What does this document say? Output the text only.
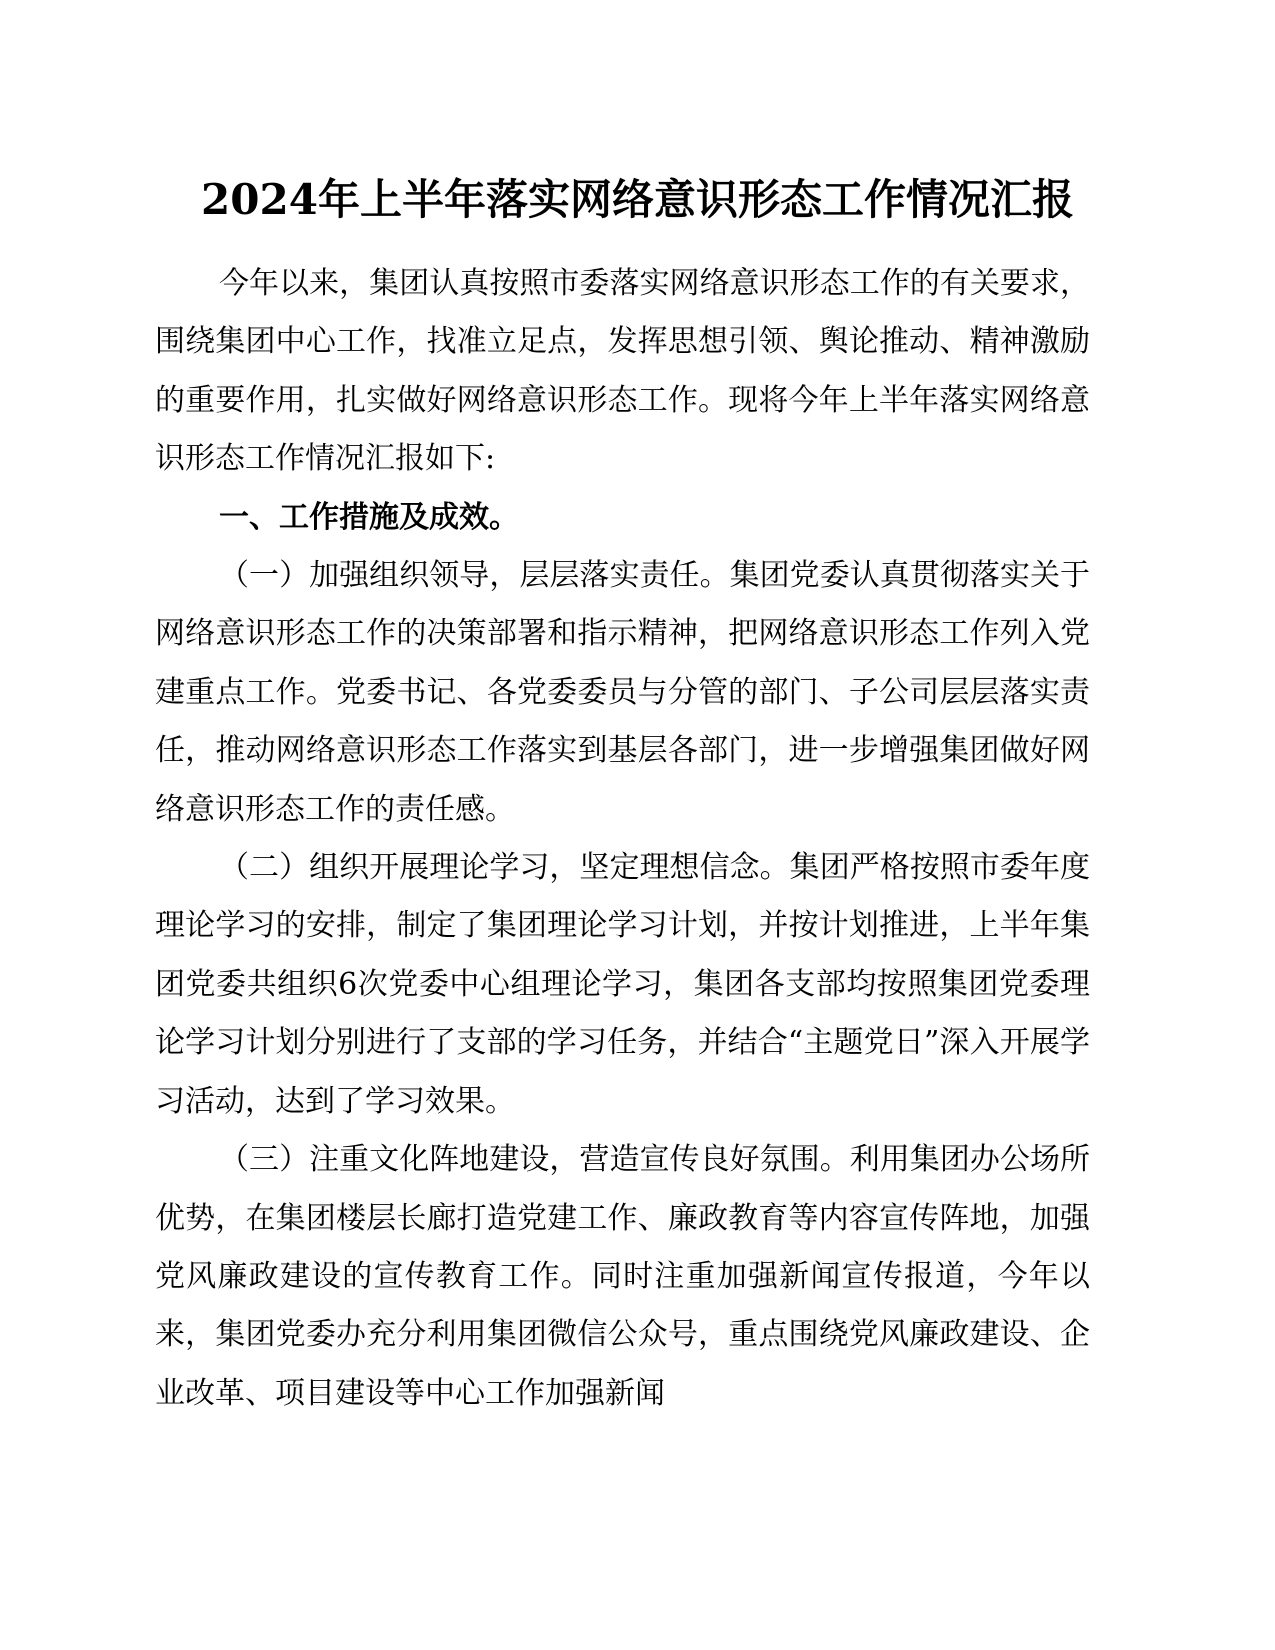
2024年上半年落实网络意识形态工作情况汇报

今年以来，集团认真按照市委落实网络意识形态工作的有关要求，围绕集团中心工作，找准立足点，发挥思想引领、舆论推动、精神激励的重要作用，扎实做好网络意识形态工作。现将今年上半年落实网络意识形态工作情况汇报如下:

一、工作措施及成效。

（一）加强组织领导，层层落实责任。集团党委认真贯彻落实关于网络意识形态工作的决策部署和指示精神，把网络意识形态工作列入党建重点工作。党委书记、各党委委员与分管的部门、子公司层层落实责任，推动网络意识形态工作落实到基层各部门，进一步增强集团做好网络意识形态工作的责任感。

（二）组织开展理论学习，坚定理想信念。集团严格按照市委年度理论学习的安排，制定了集团理论学习计划，并按计划推进，上半年集团党委共组织6次党委中心组理论学习，集团各支部均按照集团党委理论学习计划分别进行了支部的学习任务，并结合“主题党日”深入开展学习活动，达到了学习效果。

（三）注重文化阵地建设，营造宣传良好氛围。利用集团办公场所优势，在集团楼层长廊打造党建工作、廉政教育等内容宣传阵地，加强党风廉政建设的宣传教育工作。同时注重加强新闻宣传报道，今年以来，集团党委办充分利用集团微信公众号，重点围绕党风廉政建设、企业改革、项目建设等中心工作加强新闻
